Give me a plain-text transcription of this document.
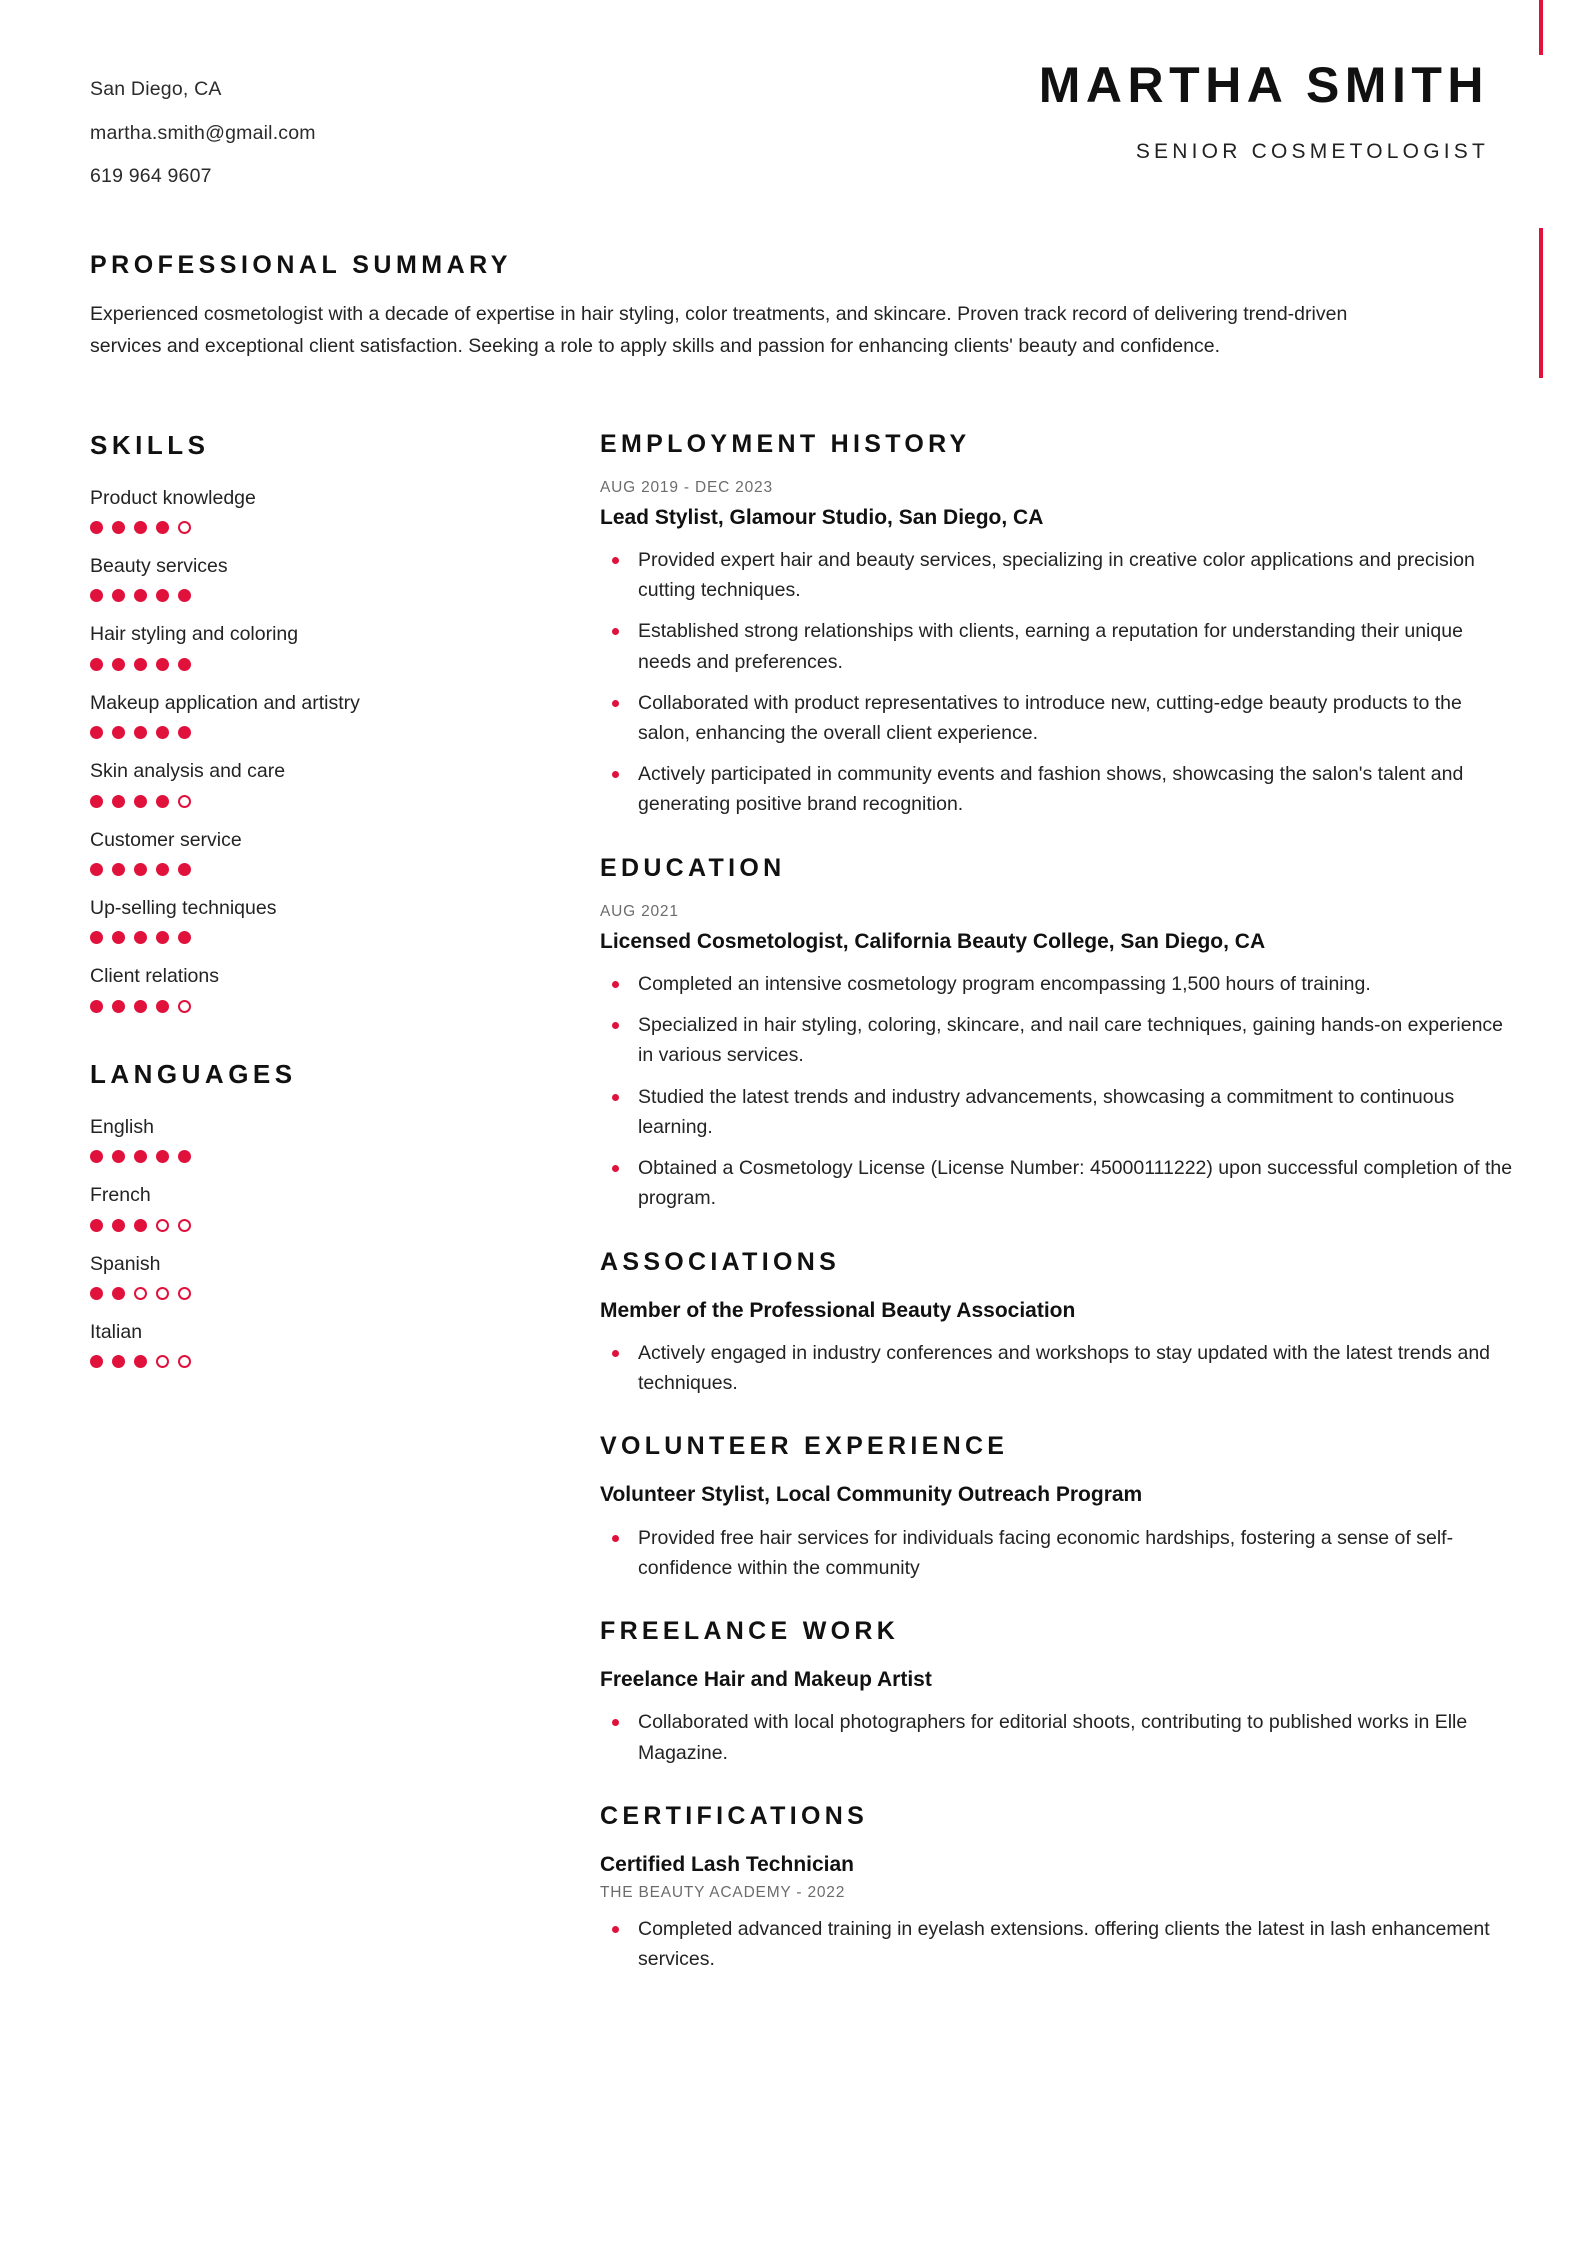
San Diego, CA
martha.smith@gmail.com
619 964 9607
MARTHA SMITH
SENIOR COSMETOLOGIST
PROFESSIONAL SUMMARY

Experienced cosmetologist with a decade of expertise in hair styling, color treatments, and skincare. Proven track record of delivering trend-driven services and exceptional client satisfaction. Seeking a role to apply skills and passion for enhancing clients' beauty and confidence.

SKILLS
Product knowledge
Beauty services
Hair styling and coloring
Makeup application and artistry
Skin analysis and care
Customer service
Up-selling techniques
Client relations
LANGUAGES
English
French
Spanish
Italian
EMPLOYMENT HISTORY
AUG 2019 - DEC 2023
Lead Stylist, Glamour Studio, San Diego, CA
Provided expert hair and beauty services, specializing in creative color applications and precision cutting techniques.
Established strong relationships with clients, earning a reputation for understanding their unique needs and preferences.
Collaborated with product representatives to introduce new, cutting-edge beauty products to the salon, enhancing the overall client experience.
Actively participated in community events and fashion shows, showcasing the salon's talent and generating positive brand recognition.
EDUCATION
AUG 2021
Licensed Cosmetologist, California Beauty College, San Diego, CA
Completed an intensive cosmetology program encompassing 1,500 hours of training.
Specialized in hair styling, coloring, skincare, and nail care techniques, gaining hands-on experience in various services.
Studied the latest trends and industry advancements, showcasing a commitment to continuous learning.
Obtained a Cosmetology License (License Number: 45000111222) upon successful completion of the program.
ASSOCIATIONS
Member of the Professional Beauty Association
Actively engaged in industry conferences and workshops to stay updated with the latest trends and techniques.
VOLUNTEER EXPERIENCE
Volunteer Stylist, Local Community Outreach Program
Provided free hair services for individuals facing economic hardships, fostering a sense of self-confidence within the community
FREELANCE WORK
Freelance Hair and Makeup Artist
Collaborated with local photographers for editorial shoots, contributing to published works in Elle Magazine.
CERTIFICATIONS
Certified Lash Technician
THE BEAUTY ACADEMY - 2022
Completed advanced training in eyelash extensions. offering clients the latest in lash enhancement services.
